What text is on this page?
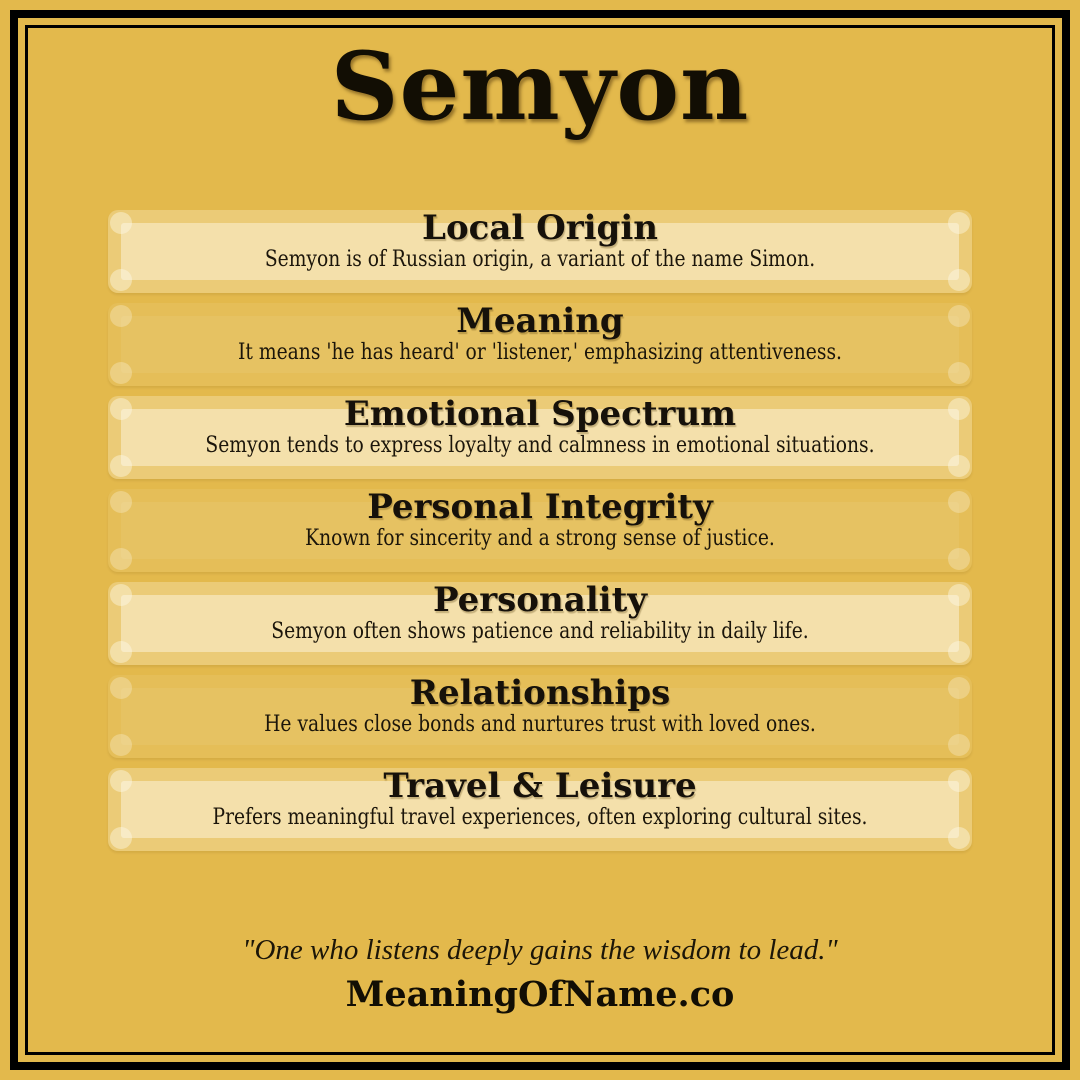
Semyon
Local Origin
Semyon is of Russian origin, a variant of the name Simon.
Meaning
It means 'he has heard' or 'listener,' emphasizing attentiveness.
Emotional Spectrum
Semyon tends to express loyalty and calmness in emotional situations.
Personal Integrity
Known for sincerity and a strong sense of justice.
Personality
Semyon often shows patience and reliability in daily life.
Relationships
He values close bonds and nurtures trust with loved ones.
Travel & Leisure
Prefers meaningful travel experiences, often exploring cultural sites.
"One who listens deeply gains the wisdom to lead."
MeaningOfName.co
